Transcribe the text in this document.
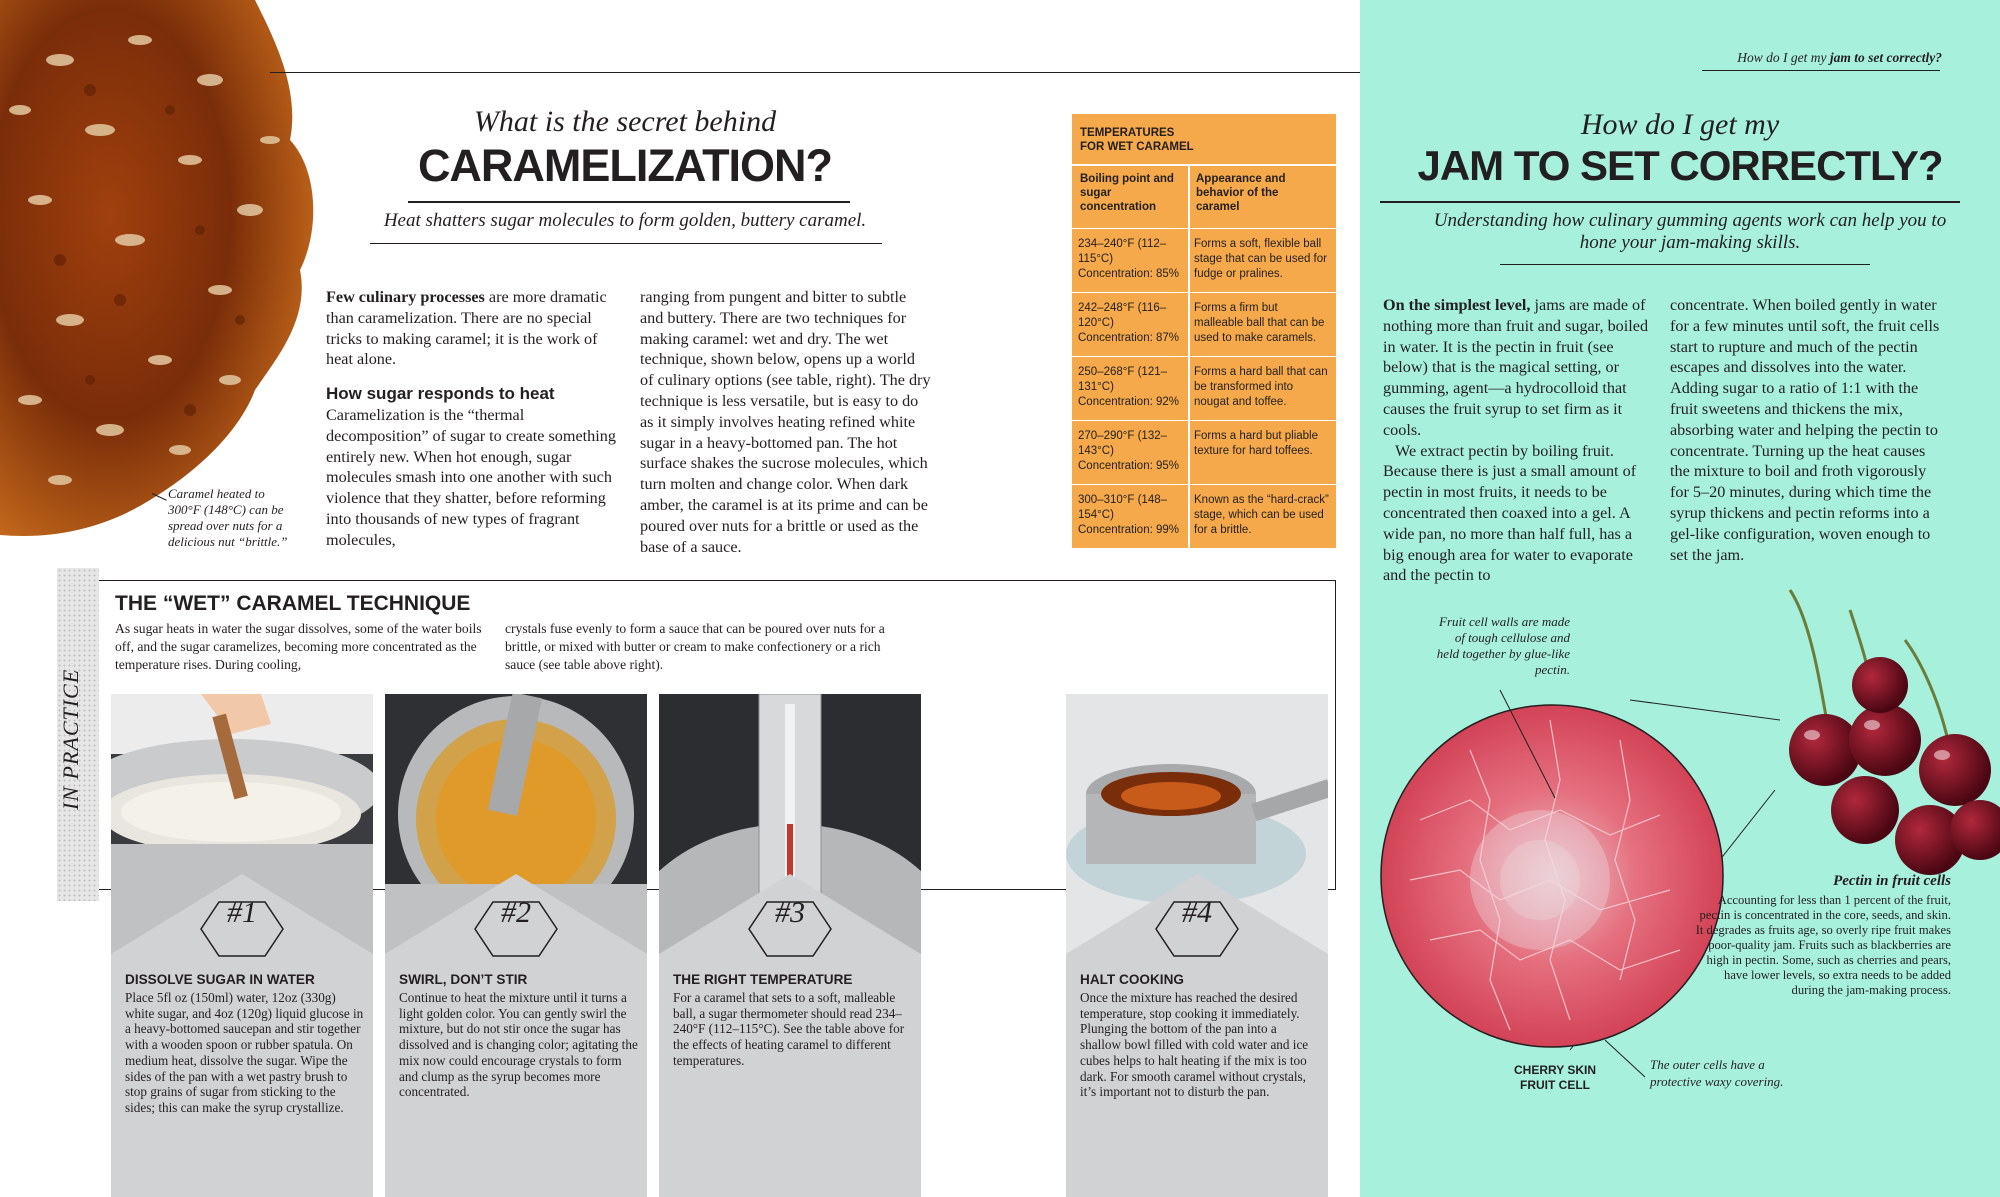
What is the secret behind
CARAMELIZATION?
Heat shatters sugar molecules to form golden, buttery caramel.
Caramel heated to 300°F (148°C) can be spread over nuts for a delicious nut “brittle.”

Few culinary processes are more dramatic than caramelization. There are no special tricks to making caramel; it is the work of heat alone.

How sugar responds to heat

Caramelization is the “thermal decomposition” of sugar to create something entirely new. When hot enough, sugar molecules smash into one another with such violence that they shatter, before reforming into thousands of new types of fragrant molecules,

ranging from pungent and bitter to subtle and buttery. There are two techniques for making caramel: wet and dry. The wet technique, shown below, opens up a world of culinary options (see table, right). The dry technique is less versatile, but is easy to do as it simply involves heating refined white sugar in a heavy-bottomed pan. The hot surface shakes the sucrose molecules, which turn molten and change color. When dark amber, the caramel is at its prime and can be poured over nuts for a brittle or used as the base of a sauce.

TEMPERATURES
FOR WET CARAMEL
Boiling point and sugar concentration
Appearance and behavior of the caramel
234–240°F (112–115°C)
Concentration: 85%
Forms a soft, flexible ball stage that can be used for fudge or pralines.
242–248°F (116–120°C)
Concentration: 87%
Forms a firm but malleable ball that can be used to make caramels.
250–268°F (121–131°C)
Concentration: 92%
Forms a hard ball that can be transformed into nougat and toffee.
270–290°F (132–143°C)
Concentration: 95%
Forms a hard but pliable texture for hard toffees.
300–310°F (148–154°C)
Concentration: 99%
Known as the “hard-crack” stage, which can be used for a brittle.
IN PRACTICE
THE “WET” CARAMEL TECHNIQUE
As sugar heats in water the sugar dissolves, some of the water boils off, and the sugar caramelizes, becoming more concentrated as the temperature rises. During cooling,
crystals fuse evenly to form a sauce that can be poured over nuts for a brittle, or mixed with butter or cream to make confectionery or a rich sauce (see table above right).
#1
DISSOLVE SUGAR IN WATER
Place 5fl oz (150ml) water, 12oz (330g) white sugar, and 4oz (120g) liquid glucose in a heavy-bottomed saucepan and stir together with a wooden spoon or rubber spatula. On medium heat, dissolve the sugar. Wipe the sides of the pan with a wet pastry brush to stop grains of sugar from sticking to the sides; this can make the syrup crystallize.
#2
SWIRL, DON’T STIR
Continue to heat the mixture until it turns a light golden color. You can gently swirl the mixture, but do not stir once the sugar has dissolved and is changing color; agitating the mix now could encourage crystals to form and clump as the syrup becomes more concentrated.
#3
THE RIGHT TEMPERATURE
For a caramel that sets to a soft, malleable ball, a sugar thermometer should read 234–240°F (112–115°C). See the table above for the effects of heating caramel to different temperatures.
#4
HALT COOKING
Once the mixture has reached the desired temperature, stop cooking it immediately. Plunging the bottom of the pan into a shallow bowl filled with cold water and ice cubes helps to halt heating if the mix is too dark. For smooth caramel without crystals, it’s important not to disturb the pan.
How do I get my jam to set correctly?
How do I get my
JAM TO SET CORRECTLY?
Understanding how culinary gumming agents work can help you to hone your jam-making skills.

On the simplest level, jams are made of nothing more than fruit and sugar, boiled in water. It is the pectin in fruit (see below) that is the magical setting, or gumming, agent—a hydrocolloid that causes the fruit syrup to set firm as it cools.

We extract pectin by boiling fruit. Because there is just a small amount of pectin in most fruits, it needs to be concentrated then coaxed into a gel. A wide pan, no more than half full, has a big enough area for water to evaporate and the pectin to

concentrate. When boiled gently in water for a few minutes until soft, the fruit cells start to rupture and much of the pectin escapes and dissolves into the water. Adding sugar to a ratio of 1:1 with the fruit sweetens and thickens the mix, absorbing water and helping the pectin to concentrate. Turning up the heat causes the mixture to boil and froth vigorously for 5–20 minutes, during which time the syrup thickens and pectin reforms into a gel-like configuration, woven enough to set the jam.

Fruit cell walls are made of tough cellulose and held together by glue-like pectin.
The outer cells have a protective waxy covering.
CHERRY SKIN
FRUIT CELL
Pectin in fruit cells
Accounting for less than 1 percent of the fruit, pectin is concentrated in the core, seeds, and skin. It degrades as fruits age, so overly ripe fruit makes poor-quality jam. Fruits such as blackberries are high in pectin. Some, such as cherries and pears, have lower levels, so extra needs to be added during the jam-making process.
